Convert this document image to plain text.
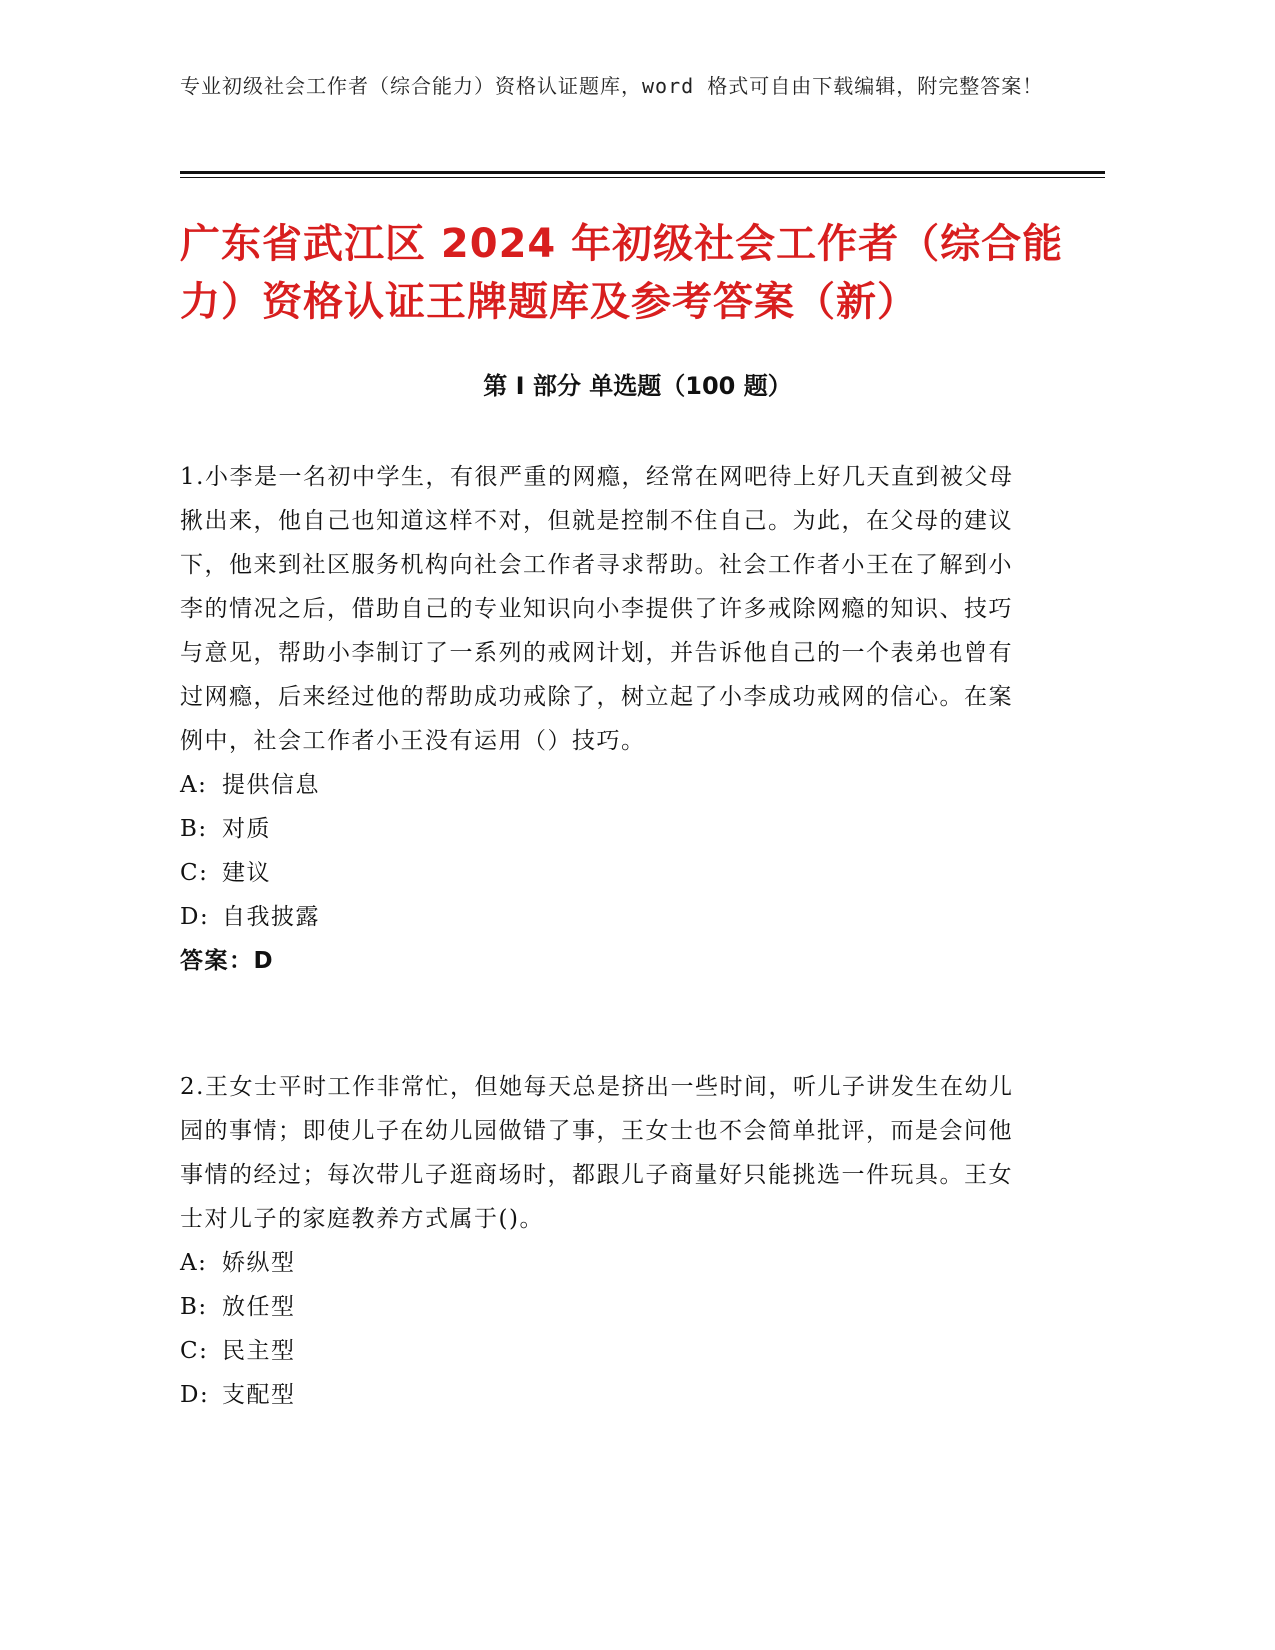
专业初级社会工作者（综合能力）资格认证题库，word 格式可自由下载编辑，附完整答案！
广东省武江区 2024 年初级社会工作者（综合能力）资格认证王牌题库及参考答案（新）
第 I 部分 单选题（100 题）

1.小李是一名初中学生，有很严重的网瘾，经常在网吧待上好几天直到被父母揪出来，他自己也知道这样不对，但就是控制不住自己。为此，在父母的建议下，他来到社区服务机构向社会工作者寻求帮助。社会工作者小王在了解到小李的情况之后，借助自己的专业知识向小李提供了许多戒除网瘾的知识、技巧与意见，帮助小李制订了一系列的戒网计划，并告诉他自己的一个表弟也曾有过网瘾，后来经过他的帮助成功戒除了，树立起了小李成功戒网的信心。在案例中，社会工作者小王没有运用（）技巧。

A: 提供信息

B: 对质

C: 建议

D: 自我披露

答案：D

2.王女士平时工作非常忙，但她每天总是挤出一些时间，听儿子讲发生在幼儿园的事情；即使儿子在幼儿园做错了事，王女士也不会简单批评，而是会问他事情的经过；每次带儿子逛商场时，都跟儿子商量好只能挑选一件玩具。王女士对儿子的家庭教养方式属于()。

A: 娇纵型

B: 放任型

C: 民主型

D: 支配型
